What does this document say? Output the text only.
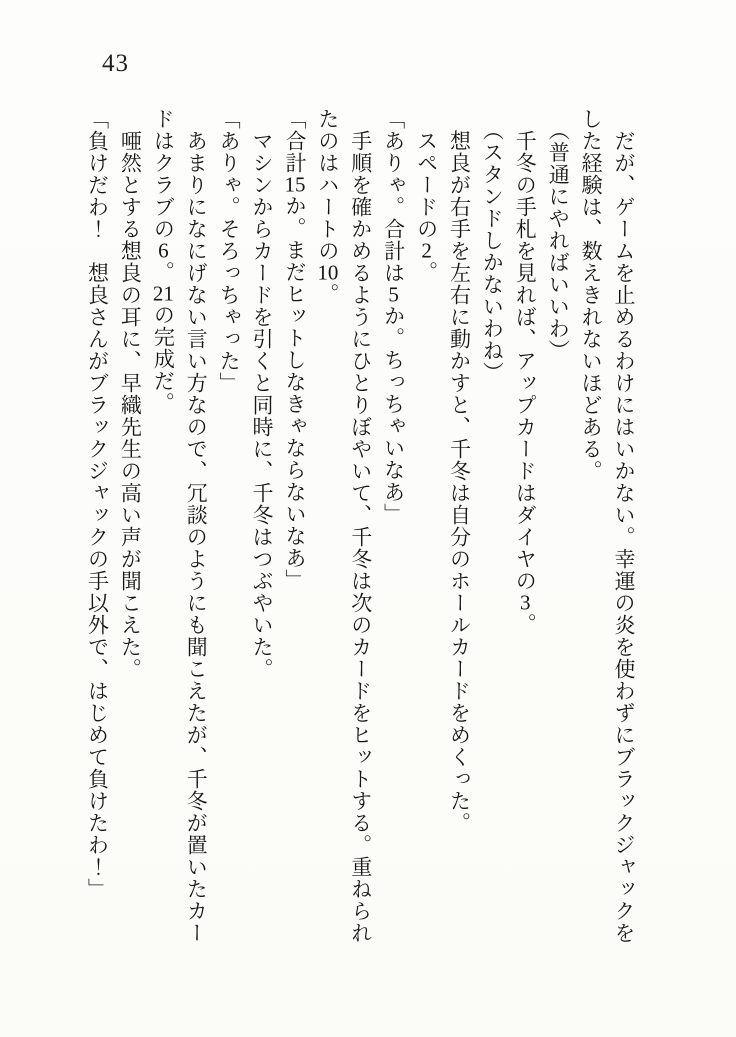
43

　だが、ゲームを止めるわけにはいかない。幸運の炎を使わずにブラックジャックを

した経験は、数えきれないほどある。

　（普通にやればいいわ）

　千冬の手札を見れば、アップカードはダイヤの3。

　（スタンドしかないわね）

　想良が右手を左右に動かすと、千冬は自分のホールカードをめくった。

　スペードの2。

「ありゃ。合計は5か。ちっちゃいなあ」

　手順を確かめるようにひとりぼやいて、千冬は次のカードをヒットする。重ねられ

たのはハートの10。

「合計15か。まだヒットしなきゃならないなあ」

　マシンからカードを引くと同時に、千冬はつぶやいた。

「ありゃ。そろっちゃった」

　あまりになにげない言い方なので、冗談のようにも聞こえたが、千冬が置いたカー

ドはクラブの6。21の完成だ。

　唖然とする想良の耳に、早織先生の高い声が聞こえた。

「負けだわ！　想良さんがブラックジャックの手以外で、はじめて負けたわ！」
